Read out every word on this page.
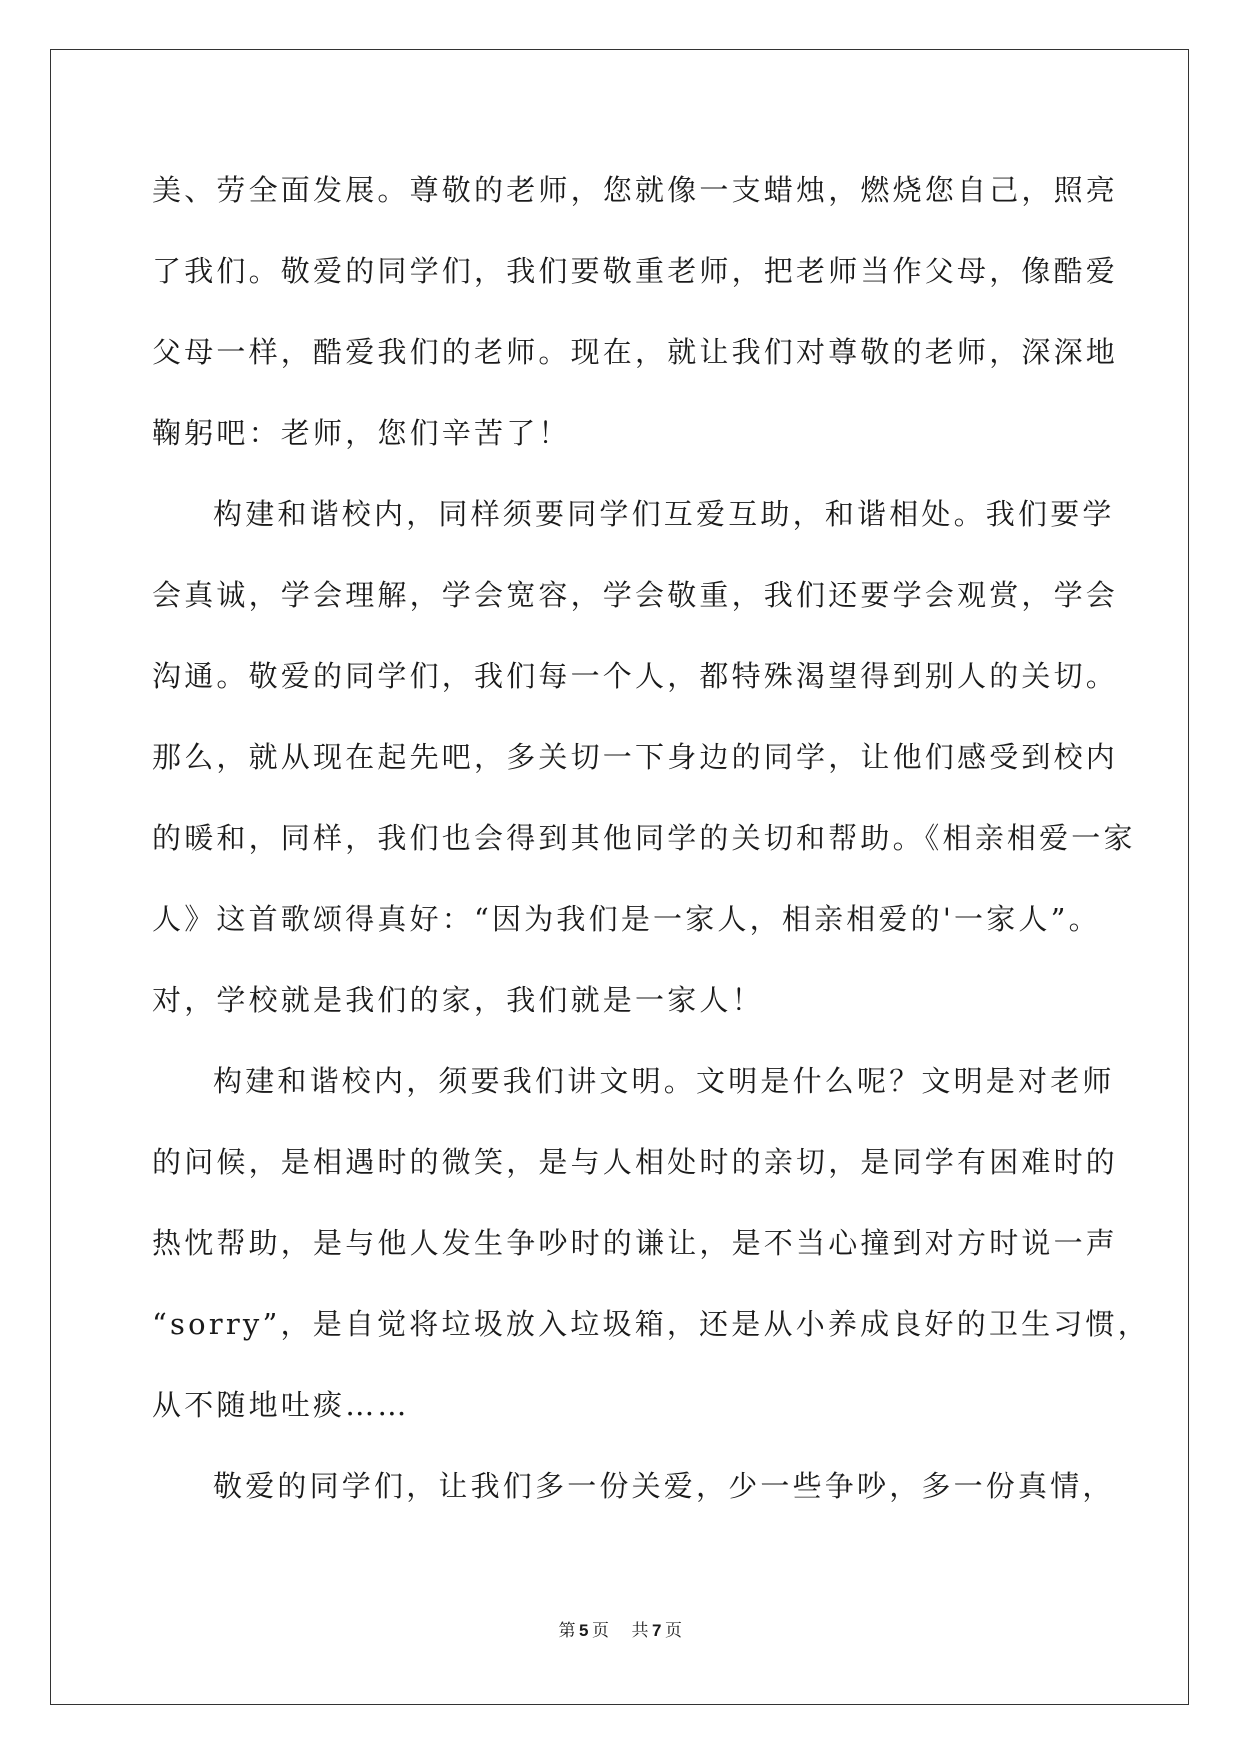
美、劳全面发展。尊敬的老师，您就像一支蜡烛，燃烧您自己，照亮
了我们。敬爱的同学们，我们要敬重老师，把老师当作父母，像酷爱
父母一样，酷爱我们的老师。现在，就让我们对尊敬的老师，深深地
鞠躬吧：老师，您们辛苦了！
构建和谐校内，同样须要同学们互爱互助，和谐相处。我们要学
会真诚，学会理解，学会宽容，学会敬重，我们还要学会观赏，学会
沟通。敬爱的同学们，我们每一个人，都特殊渴望得到别人的关切。
那么，就从现在起先吧，多关切一下身边的同学，让他们感受到校内
的暖和，同样，我们也会得到其他同学的关切和帮助。《相亲相爱一家
人》这首歌颂得真好：“因为我们是一家人，相亲相爱的'一家人”。
对，学校就是我们的家，我们就是一家人！
构建和谐校内，须要我们讲文明。文明是什么呢？文明是对老师
的问候，是相遇时的微笑，是与人相处时的亲切，是同学有困难时的
热忱帮助，是与他人发生争吵时的谦让，是不当心撞到对方时说一声
“sorry”，是自觉将垃圾放入垃圾箱，还是从小养成良好的卫生习惯，
从不随地吐痰……
敬爱的同学们，让我们多一份关爱，少一些争吵，多一份真情，
第 5 页 共 7 页
